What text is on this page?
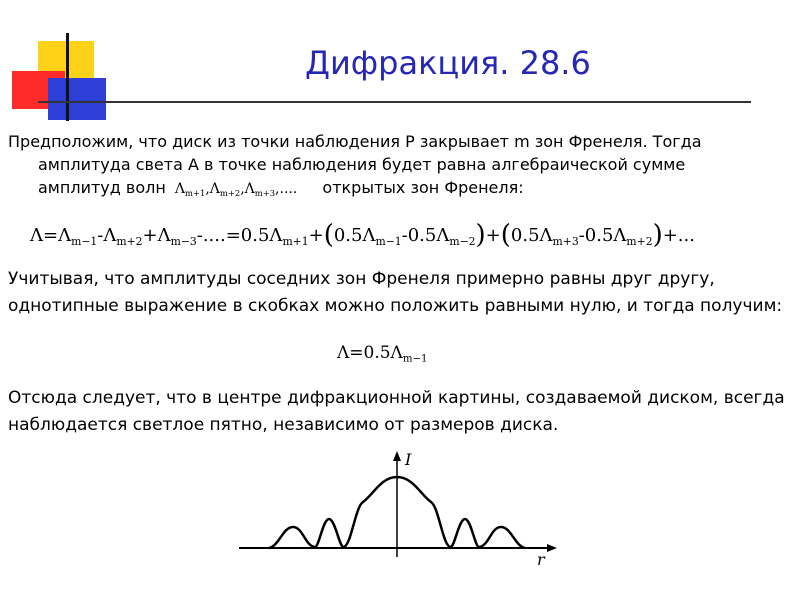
Дифракция. 28.6
Предположим, что диск из точки наблюдения Р закрывает m зон Френеля. Тогда
амплитуда света А в точке наблюдения будет равна алгебраической сумме
амплитуд волн $\Lambda_{m+1},\Lambda_{m+2},\Lambda_{m+3}$,.... открытых зон Френеля:
$\Lambda=\Lambda_{m-1}-\Lambda_{m+2}+\Lambda_{m-3}-....=0.5\Lambda_{m+1}+(0.5\Lambda_{m-1}-0.5\Lambda_{m-2})+(0.5\Lambda_{m+3}-0.5\Lambda_{m+2})+$...
Учитывая, что амплитуды соседних зон Френеля примерно равны друг другу, однотипные выражение в скобках можно положить равными нулю, и тогда получим:
$\Lambda=0.5\Lambda_{m-1}$
Отсюда следует, что в центре дифракционной картины, создаваемой диском, всегда наблюдается светлое пятно, независимо от размеров диска.
I
r
